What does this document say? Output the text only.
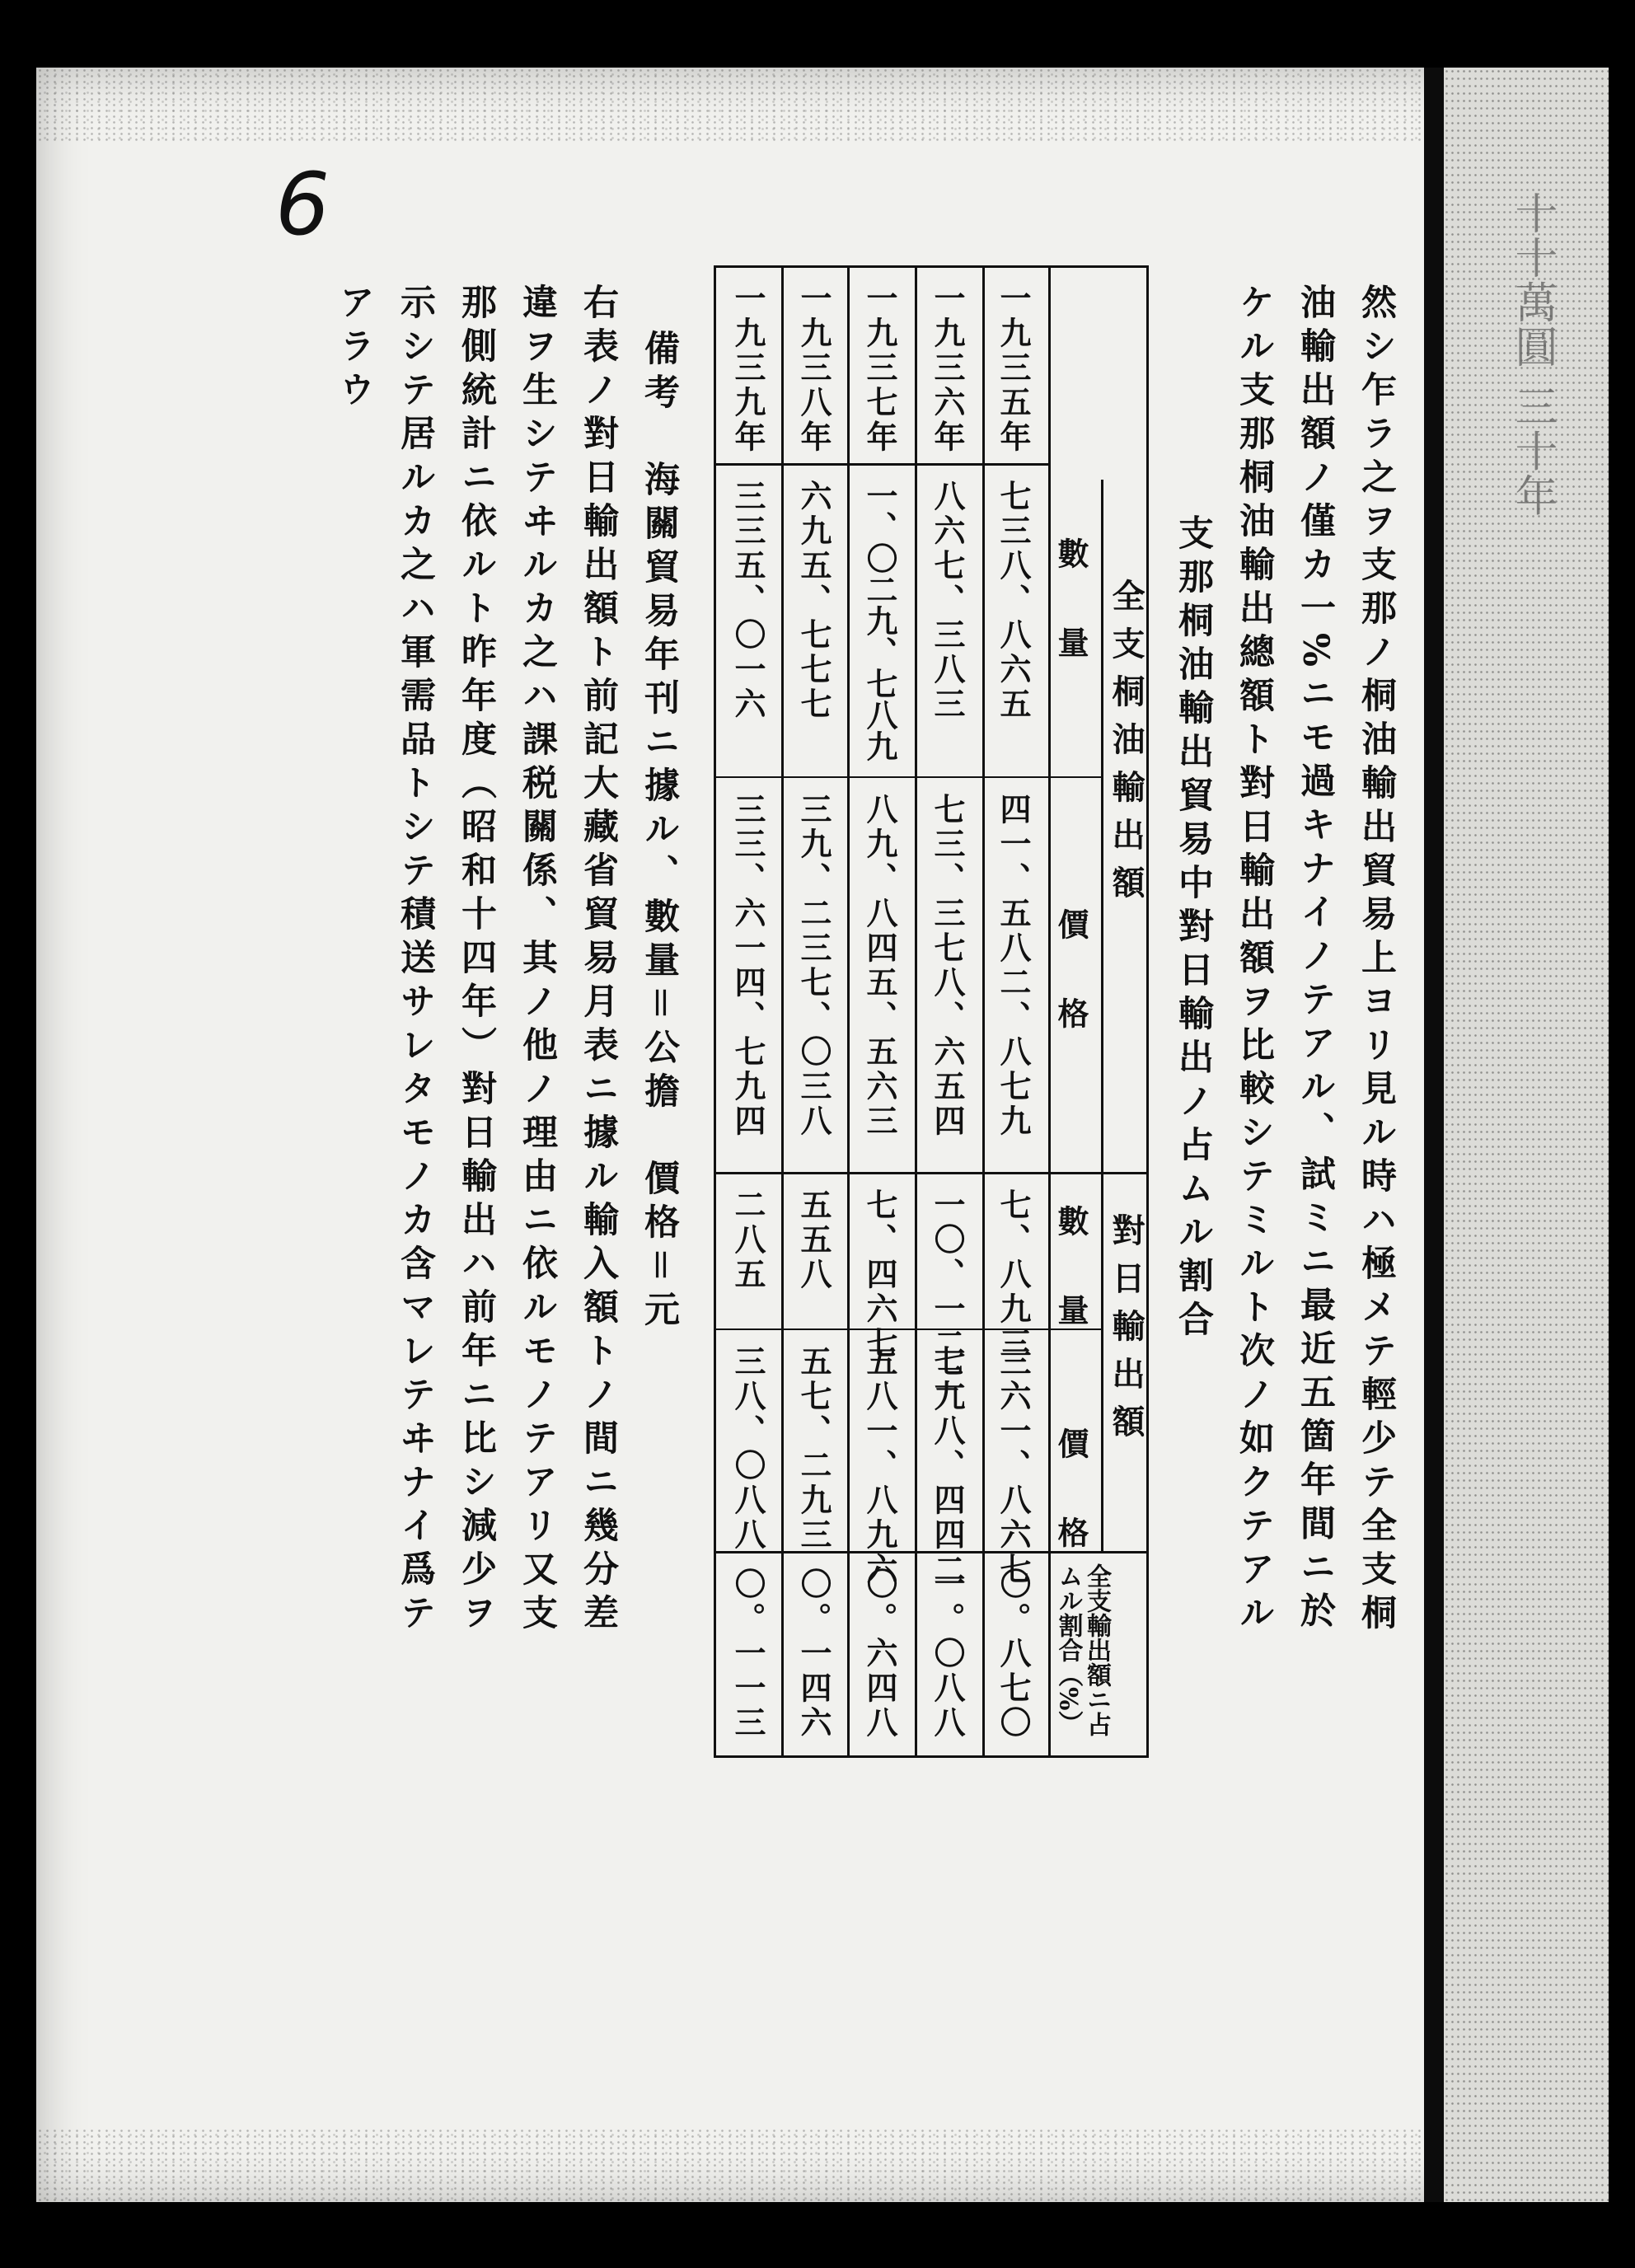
十十萬圓 三十年
6
然シ乍ラ之ヲ支那ノ桐油輸出貿易上ヨリ見ル時ハ極メテ輕少テ全支桐
油輸出額ノ僅カ一%ニモ過キナイノテアル、試ミニ最近五箇年間ニ於
ケル支那桐油輸出總額ト對日輸出額ヲ比較シテミルト次ノ如クテアル
支那桐油輸出貿易中對日輸出ノ占ムル割合
全支桐油輸出額
對日輸出額
數量
價格
數量
價格
全支輸出額ニ占ムル割合（%）
一九三五年
七三八、八六五
四一、五八二、八七九
七、八九三
三六一、八六七
〇。八七〇
一九三六年
八六七、三八三
七三、三七八、六五四
一〇、一二二
七九八、四四二
一。〇八八
一九三七年
一、〇二九、七八九
八九、八四五、五六三
七、四六七
五八一、八九六
〇。六四八
一九三八年
六九五、七七七
三九、二三七、〇三八
五五八
五七、二九三
〇。一四六
一九三九年
三三五、〇一六
三三、六一四、七九四
二八五
三八、〇八八
〇。一一三
備考　海關貿易年刊ニ據ル、數量＝公擔　價格＝元
右表ノ對日輸出額ト前記大藏省貿易月表ニ據ル輸入額トノ間ニ幾分差
違ヲ生シテヰルカ之ハ課税關係、其ノ他ノ理由ニ依ルモノテアリ又支
那側統計ニ依ルト昨年度（昭和十四年）對日輸出ハ前年ニ比シ減少ヲ
示シテ居ルカ之ハ軍需品トシテ積送サレタモノカ含マレテヰナイ爲テ
アラウ
